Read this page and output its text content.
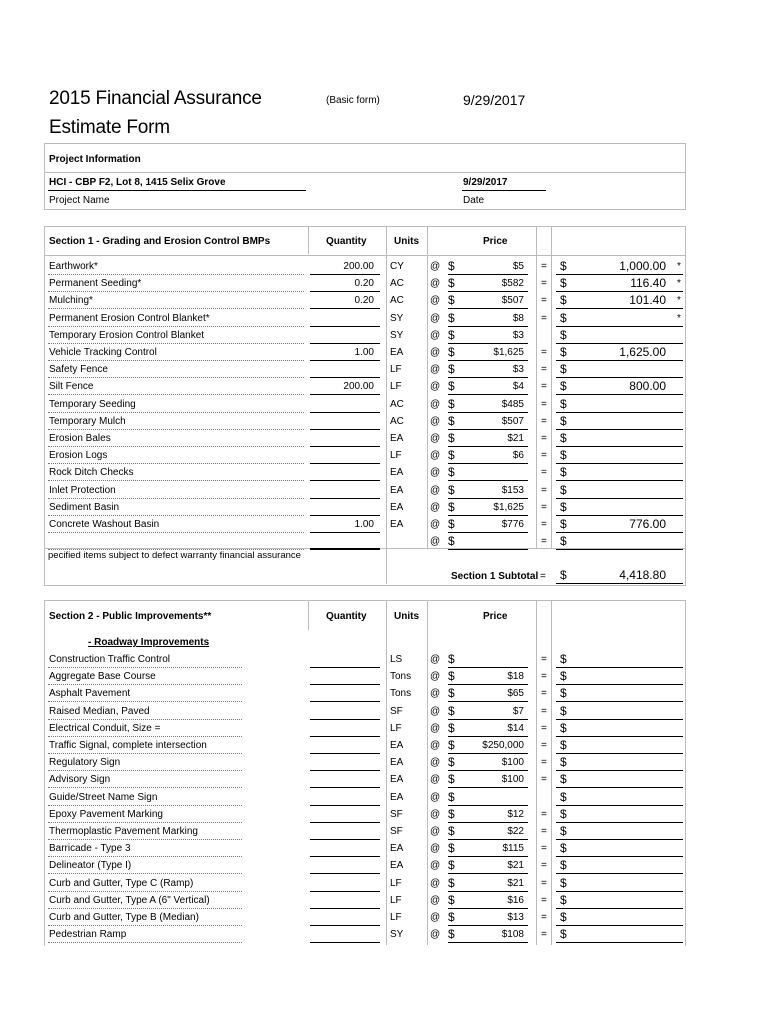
2015 Financial Assurance
Estimate Form
(Basic form)	9/29/2017
Project Information
HCI - CBP F2, Lot 8, 1415 Selix Grove
Project Name
9/29/2017
Date
Section 1 - Grading and Erosion Control BMPs	Quantity	Units	Price
Earthwork*	200.00 CY	@ $	$5 = $	1,000.00 *
Permanent Seeding*	0.20 AC	@ $	$582 = $	116.40 *
Mulching*	0.20 AC	@ $	$507 = $	101.40 *
Permanent Erosion Control Blanket*	SY	@ $	$8 = $	*
Temporary Erosion Control Blanket	SY	@ $	$3	$
Vehicle Tracking Control	1.00 EA	@ $	$1,625 = $	1,625.00
Safety Fence	LF	@ $	$3 = $
Silt Fence	200.00 LF	@ $	$4 = $	800.00
Temporary Seeding	AC	@ $	$485 = $
Temporary Mulch	AC	@ $	$507 = $
Erosion Bales	EA	@ $	$21 = $
Erosion Logs	LF	@ $	$6 = $
Rock Ditch Checks	EA	@ $	= $
Inlet Protection	EA	@ $	$153 = $
Sediment Basin	EA	@ $	$1,625 = $
Concrete Washout Basin	1.00 EA	@ $	$776 = $	776.00
@ $	= $
pecified items subject to defect warranty financial assurance
Section 1 Subtotal = $	4,418.80
Section 2 - Public Improvements**	Quantity	Units	Price
- Roadway Improvements
Construction Traffic Control	LS	@ $	= $
Aggregate Base Course	Tons @ $	$18 = $
Asphalt Pavement	Tons @ $	$65 = $
Raised Median, Paved	SF	@ $	$7 = $
Electrical Conduit, Size =	LF	@ $	$14 = $
Traffic Signal, complete intersection	EA	@ $	$250,000 = $
Regulatory Sign	EA	@ $	$100 = $
Advisory Sign	EA	@ $	$100 = $
Guide/Street Name Sign	EA	@ $	$
Epoxy Pavement Marking	SF	@ $	$12 = $
Thermoplastic Pavement Marking	SF	@ $	$22 = $
Barricade - Type 3	EA	@ $	$115 = $
Delineator (Type I)	EA	@ $	$21 = $
Curb and Gutter, Type C (Ramp)	LF	@ $	$21 = $
Curb and Gutter, Type A (6" Vertical)	LF	@ $	$16 = $
Curb and Gutter, Type B (Median)	LF	@ $	$13 = $
Pedestrian Ramp	SY	@ $	$108 = $
